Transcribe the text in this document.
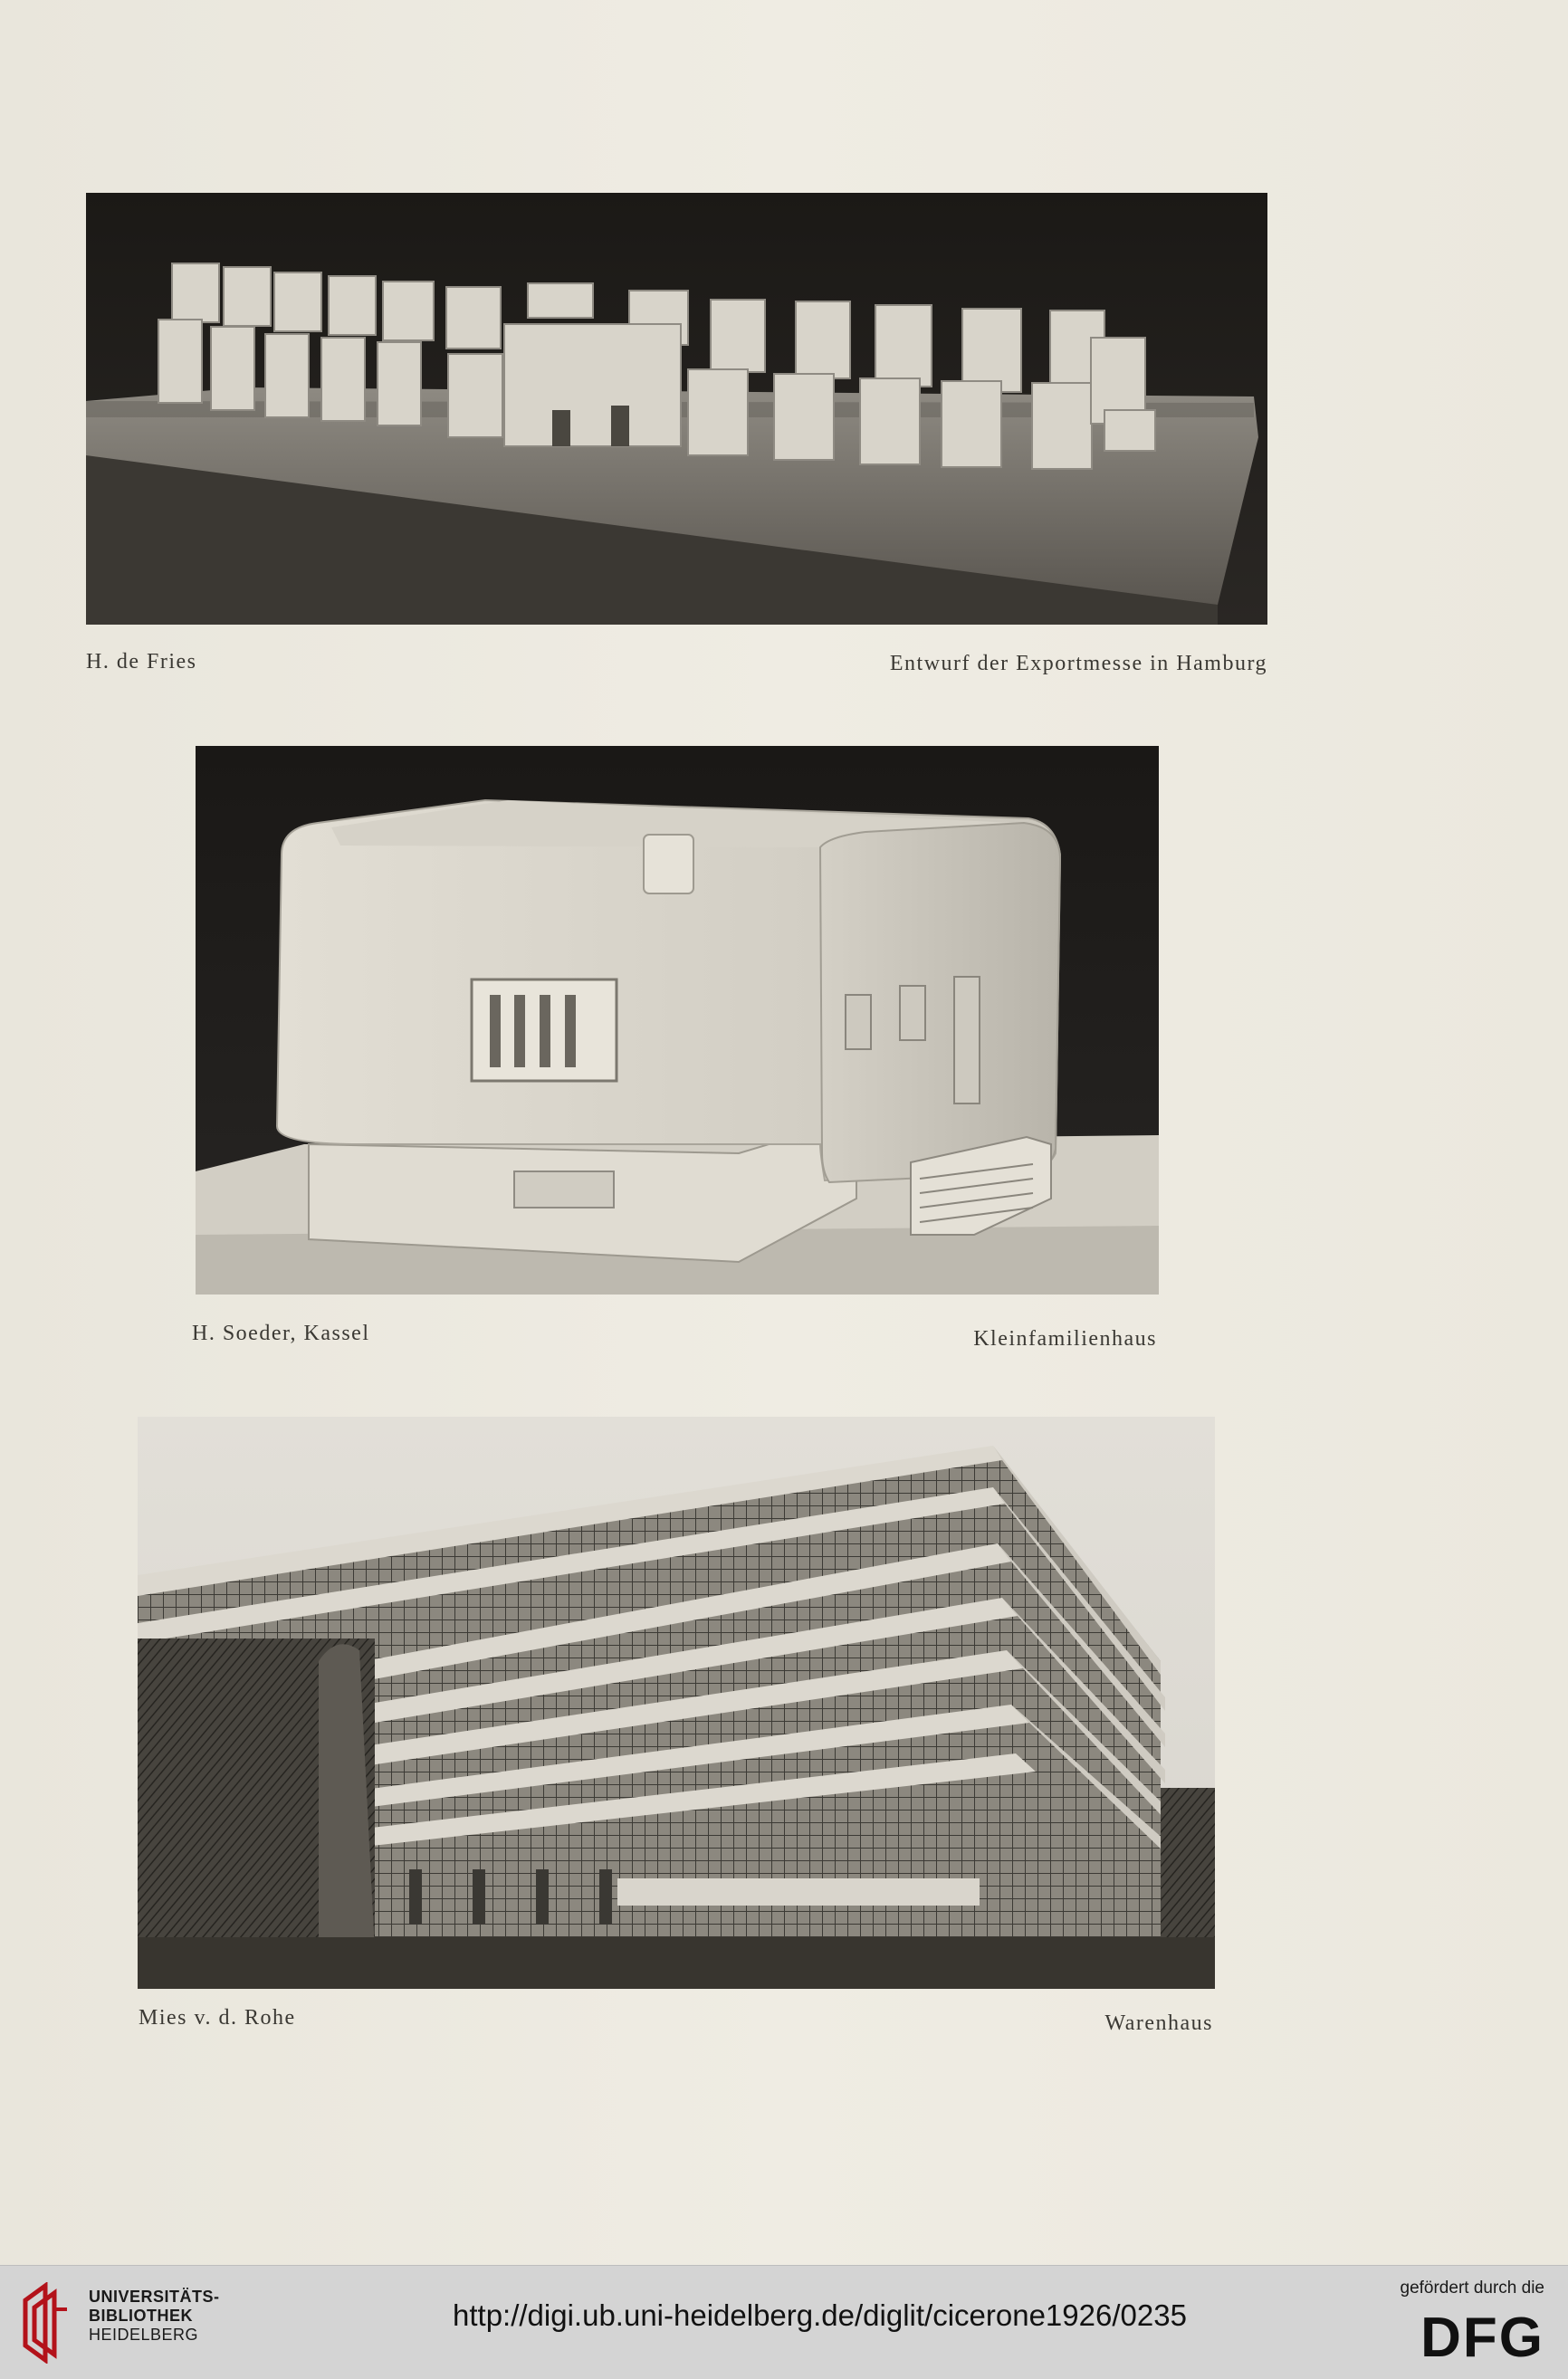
H. de Fries	Entwurf der Exportmesse in Hamburg
H. Soeder, Kassel	Kleinfamilienhaus
Mies v. d. Rohe	Warenhaus
UNIVERSITÄTS-
BIBLIOTHEK
HEIDELBERG
http://digi.ub.uni-heidelberg.de/diglit/cicerone1926/0235
gefördert durch die
DFG
